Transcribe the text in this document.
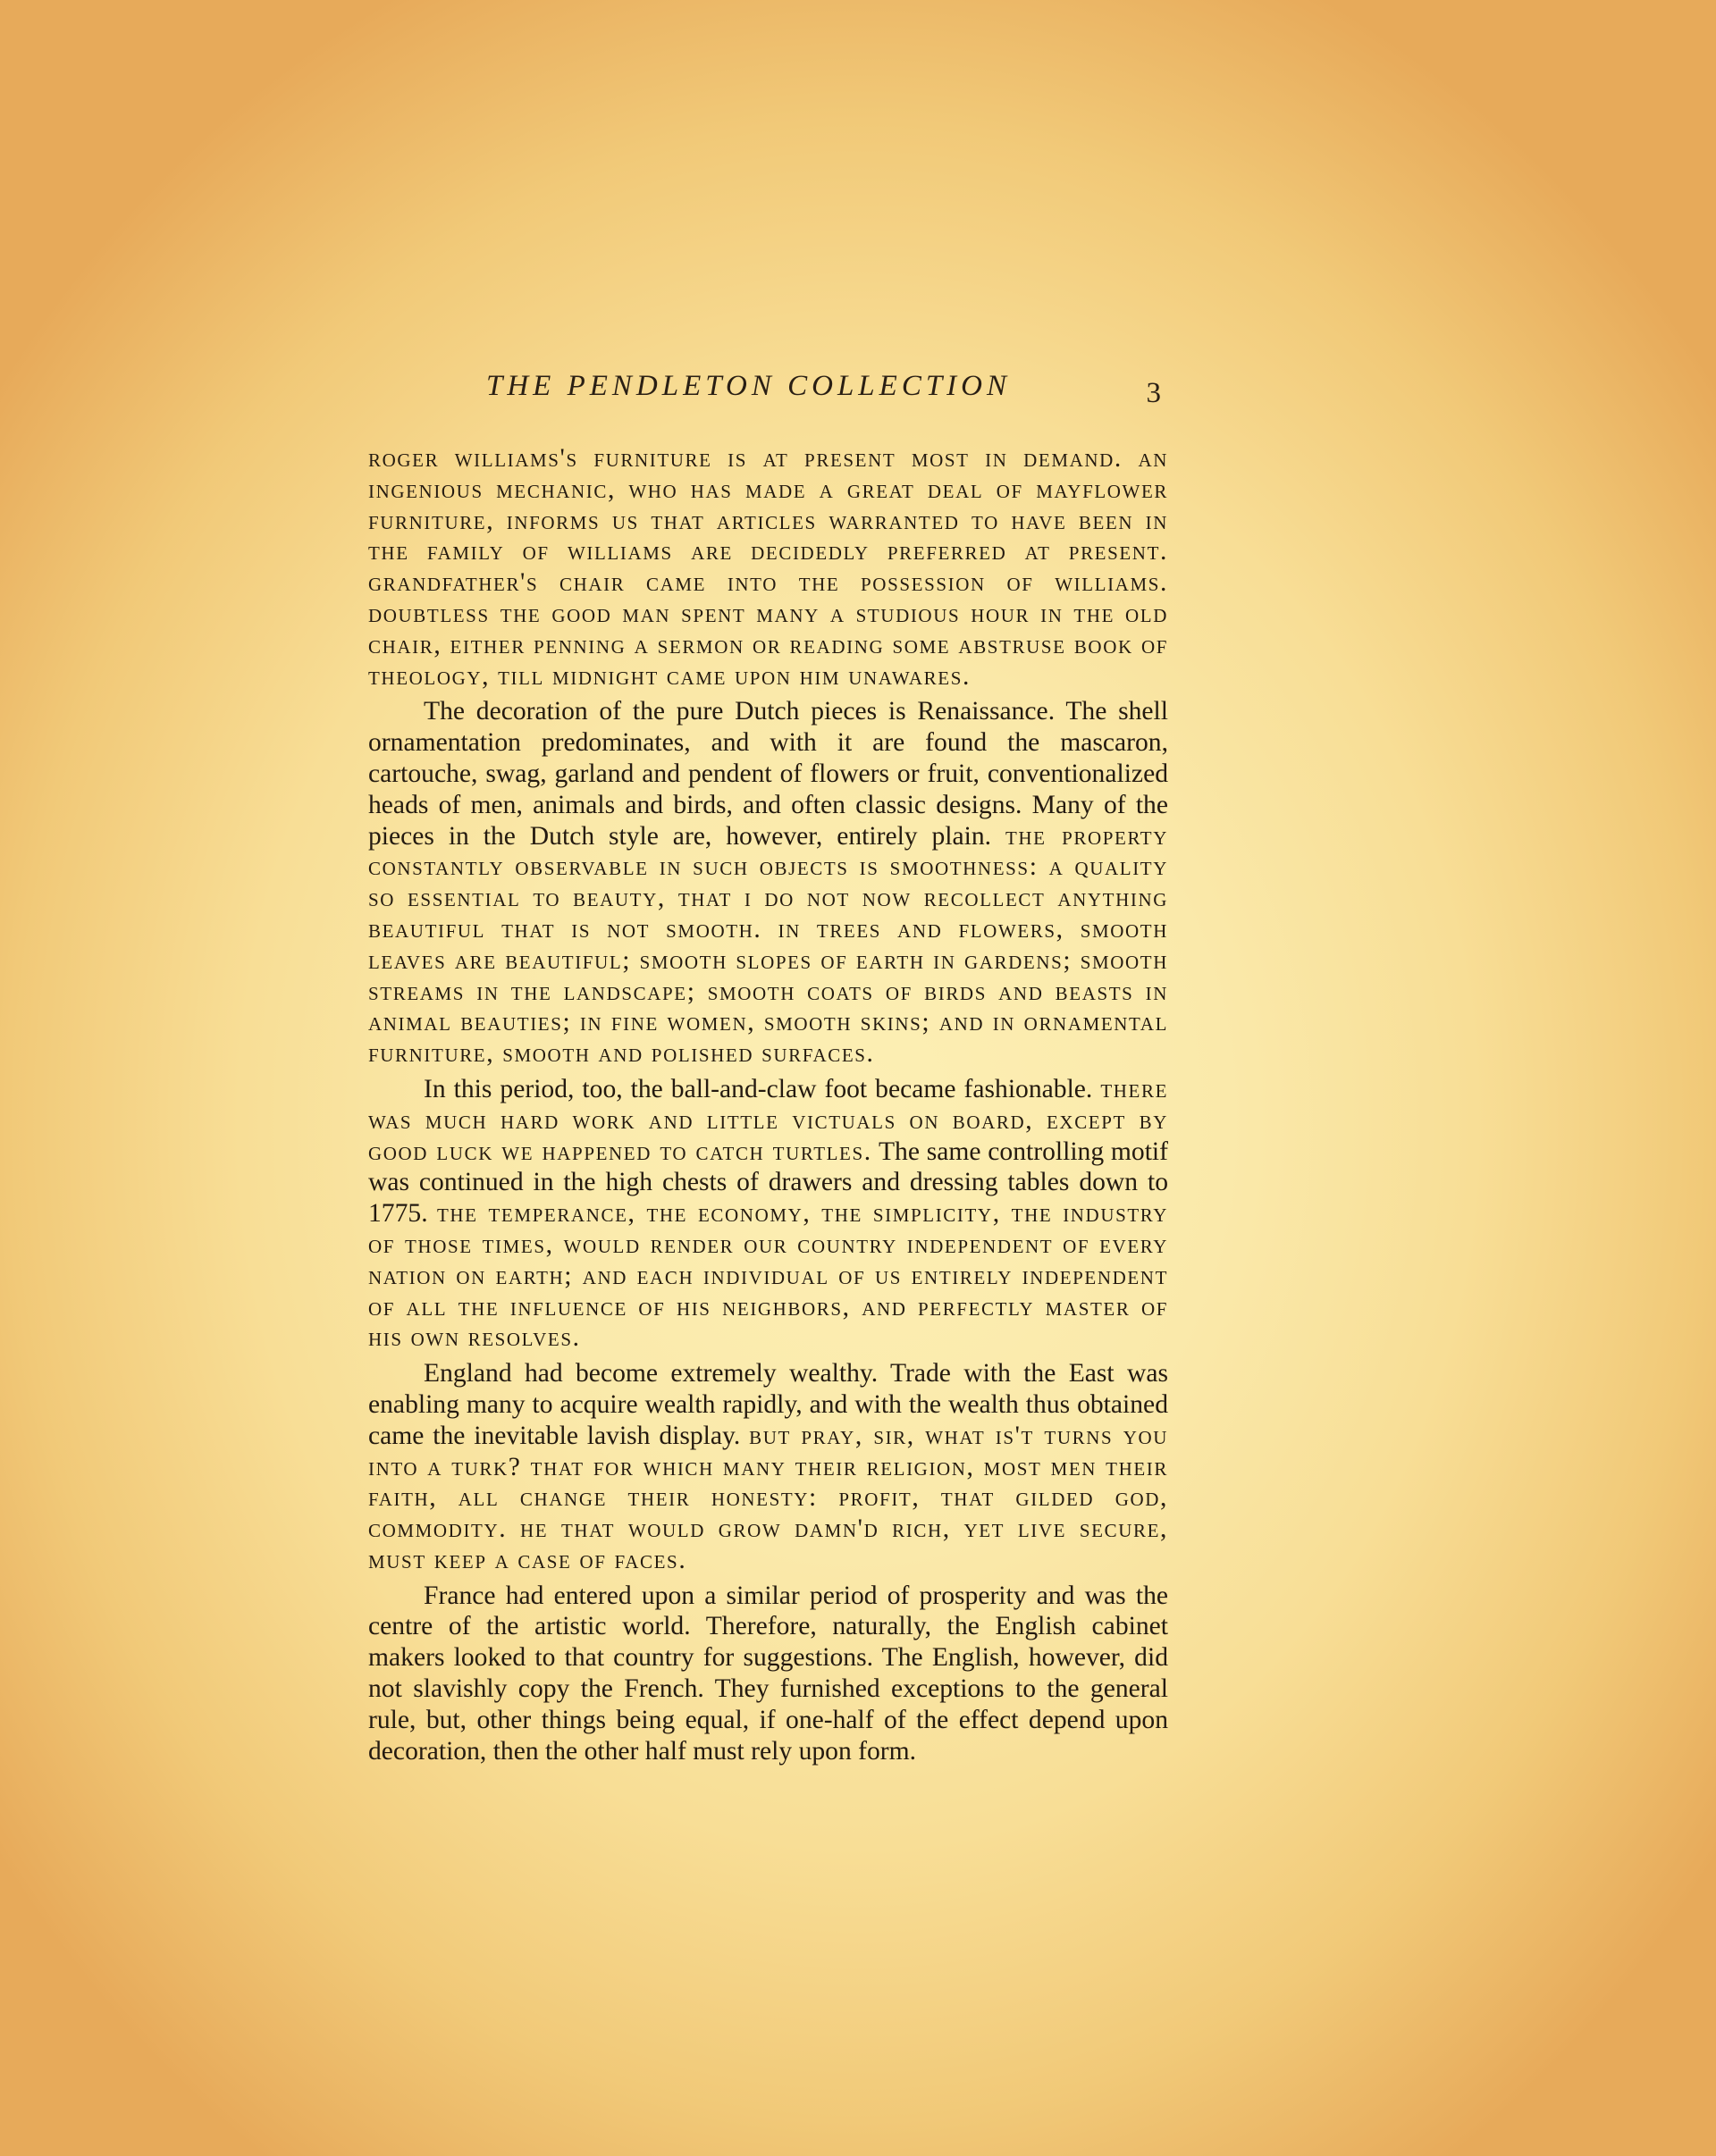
THE PENDLETON COLLECTION	3

roger williams's furniture is at present most in demand. an ingenious mechanic, who has made a great deal of mayflower furniture, informs us that articles warranted to have been in the family of williams are decidedly preferred at present. grandfather's chair came into the possession of williams. doubtless the good man spent many a studious hour in the old chair, either penning a sermon or reading some abstruse book of theology, till midnight came upon him unawares.

The decoration of the pure Dutch pieces is Renaissance. The shell ornamentation predominates, and with it are found the mascaron, cartouche, swag, garland and pendent of flowers or fruit, conventionalized heads of men, animals and birds, and often classic designs. Many of the pieces in the Dutch style are, however, entirely plain. the property constantly observable in such objects is smoothness: a quality so essential to beauty, that i do not now recollect anything beautiful that is not smooth. in trees and flowers, smooth leaves are beautiful; smooth slopes of earth in gardens; smooth streams in the landscape; smooth coats of birds and beasts in animal beauties; in fine women, smooth skins; and in ornamental furniture, smooth and polished surfaces.

In this period, too, the ball-and-claw foot became fashionable. there was much hard work and little victuals on board, except by good luck we happened to catch turtles. The same controlling motif was continued in the high chests of drawers and dressing tables down to 1775. the temperance, the economy, the simplicity, the industry of those times, would render our country independent of every nation on earth; and each individual of us entirely independent of all the influence of his neighbors, and perfectly master of his own resolves.

England had become extremely wealthy. Trade with the East was enabling many to acquire wealth rapidly, and with the wealth thus obtained came the inevitable lavish display. but pray, sir, what is't turns you into a turk? that for which many their religion, most men their faith, all change their honesty: profit, that gilded god, commodity. he that would grow damn'd rich, yet live secure, must keep a case of faces.

France had entered upon a similar period of prosperity and was the centre of the artistic world. Therefore, naturally, the English cabinet makers looked to that country for suggestions. The English, however, did not slavishly copy the French. They furnished exceptions to the general rule, but, other things being equal, if one-half of the effect depend upon decoration, then the other half must rely upon form.
